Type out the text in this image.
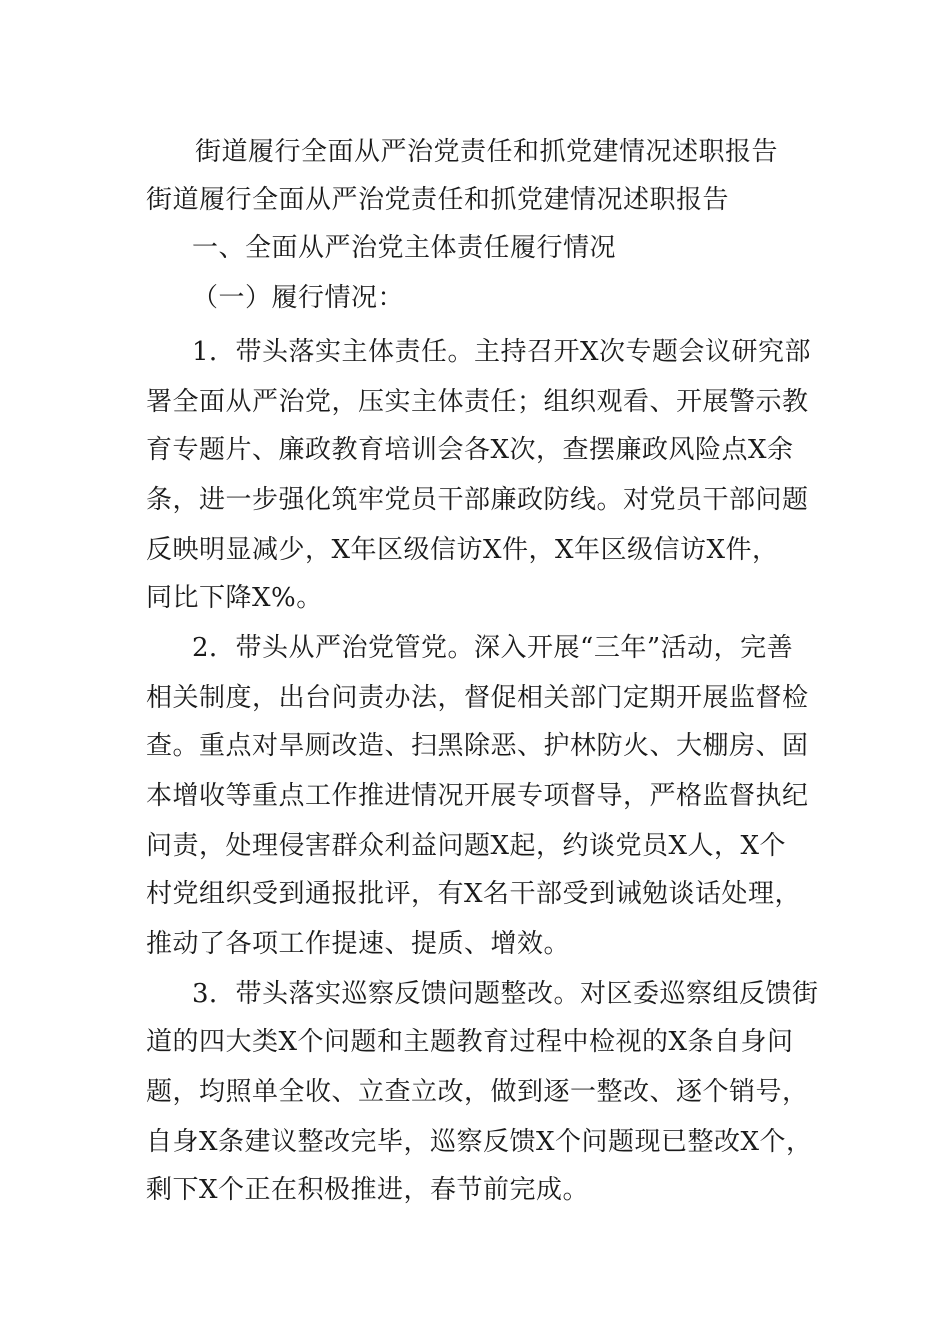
街道履行全面从严治党责任和抓党建情况述职报告
街道履行全面从严治党责任和抓党建情况述职报告
一、全面从严治党主体责任履行情况
（一）履行情况：
1．带头落实主体责任。主持召开X次专题会议研究部
署全面从严治党，压实主体责任；组织观看、开展警示教
育专题片、廉政教育培训会各X次，查摆廉政风险点X余
条，进一步强化筑牢党员干部廉政防线。对党员干部问题
反映明显减少，X年区级信访X件，X年区级信访X件，
同比下降X%。
2．带头从严治党管党。深入开展“三年”活动，完善
相关制度，出台问责办法，督促相关部门定期开展监督检
查。重点对旱厕改造、扫黑除恶、护林防火、大棚房、固
本增收等重点工作推进情况开展专项督导，严格监督执纪
问责，处理侵害群众利益问题X起，约谈党员X人，X个
村党组织受到通报批评，有X名干部受到诫勉谈话处理，
推动了各项工作提速、提质、增效。
3．带头落实巡察反馈问题整改。对区委巡察组反馈街
道的四大类X个问题和主题教育过程中检视的X条自身问
题，均照单全收、立查立改，做到逐一整改、逐个销号，
自身X条建议整改完毕，巡察反馈X个问题现已整改X个，
剩下X个正在积极推进，春节前完成。
